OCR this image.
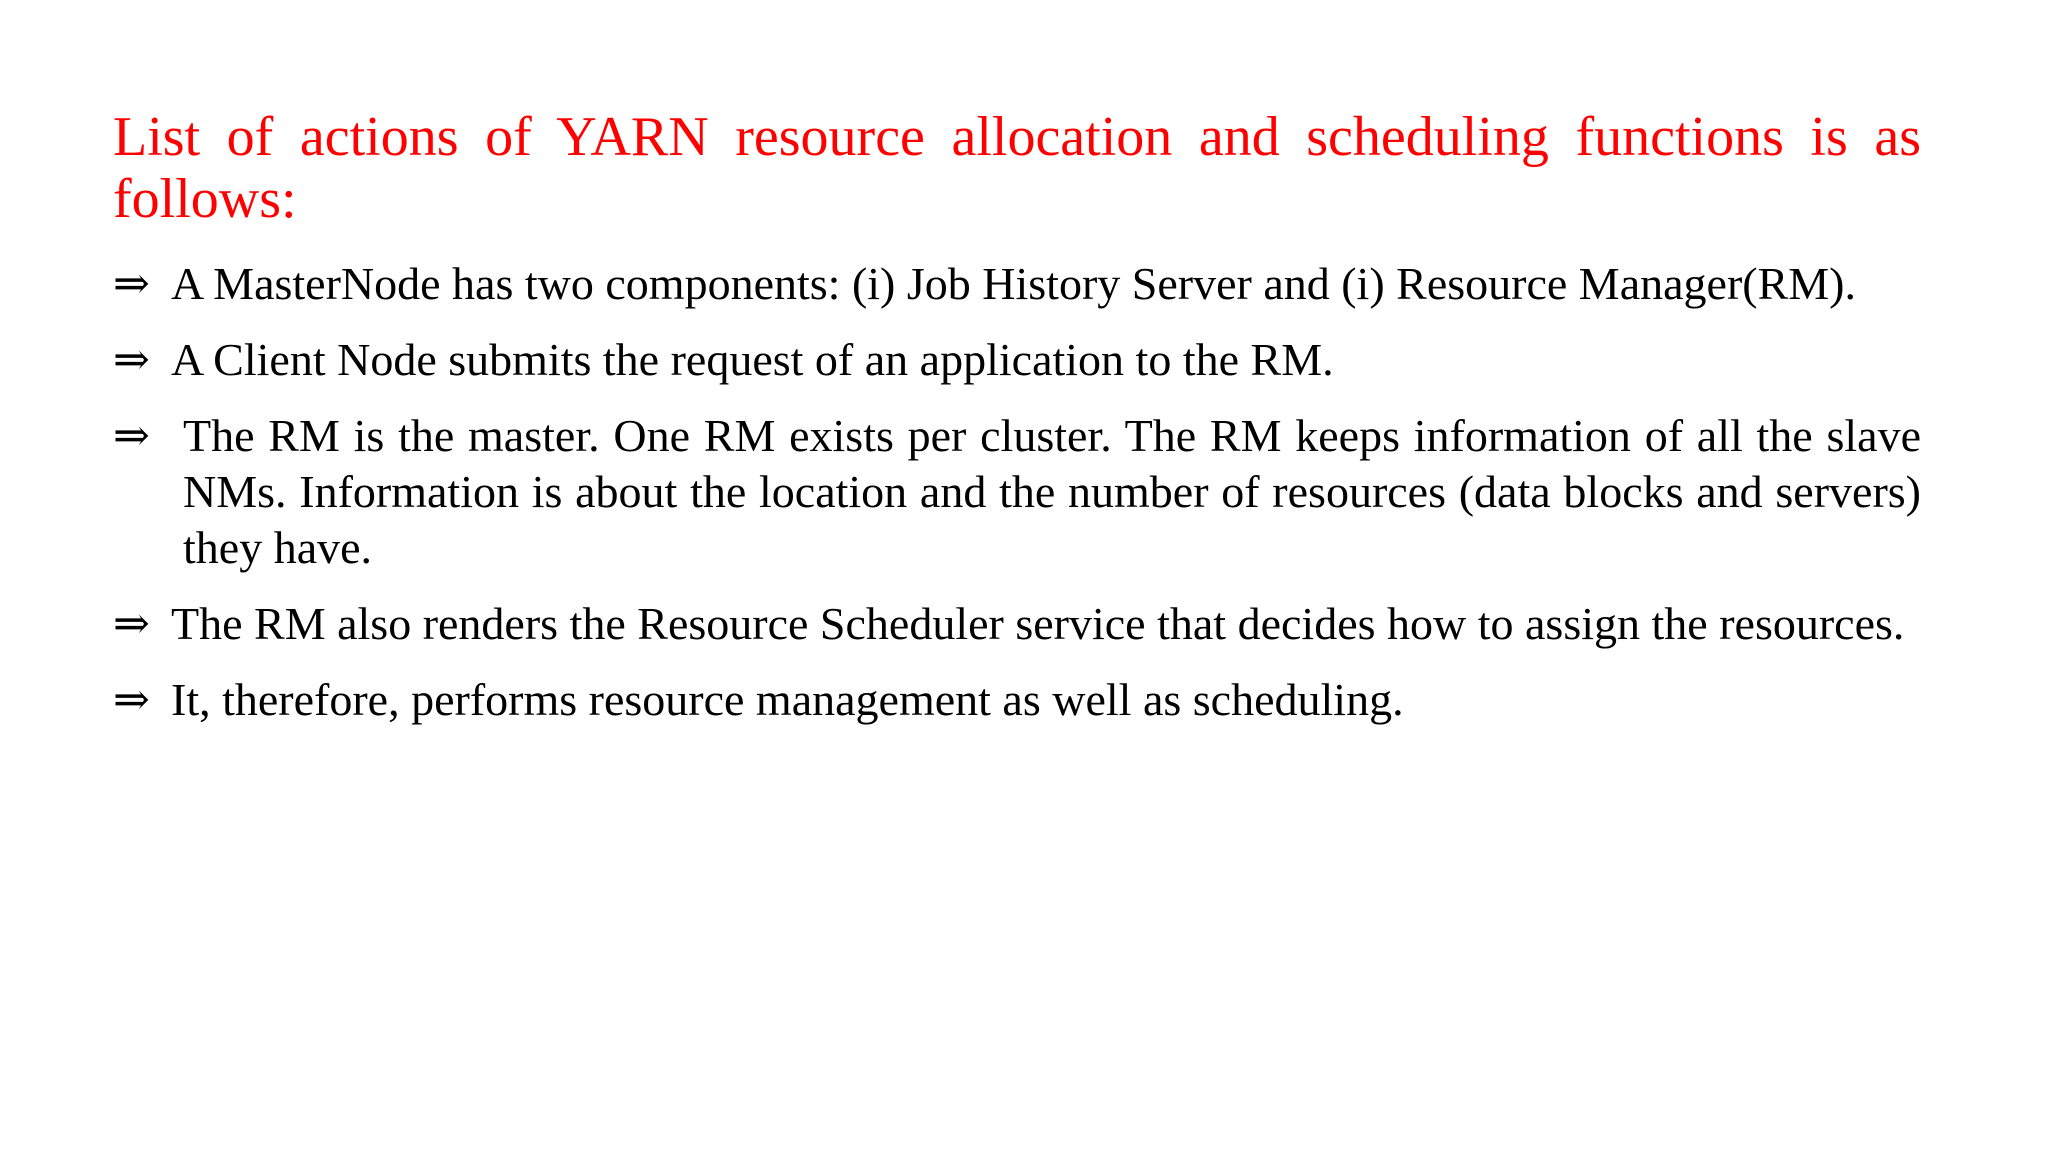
List of actions of YARN resource allocation and scheduling functions is as follows:
⇒ A MasterNode has two components: (i) Job History Server and (i) Resource Manager(RM).
⇒ A Client Node submits the request of an application to the RM.
⇒ The RM is the master. One RM exists per cluster. The RM keeps information of all the slave NMs. Information is about the location and the number of resources (data blocks and servers) they have.
⇒ The RM also renders the Resource Scheduler service that decides how to assign the resources.
⇒ It, therefore, performs resource management as well as scheduling.
